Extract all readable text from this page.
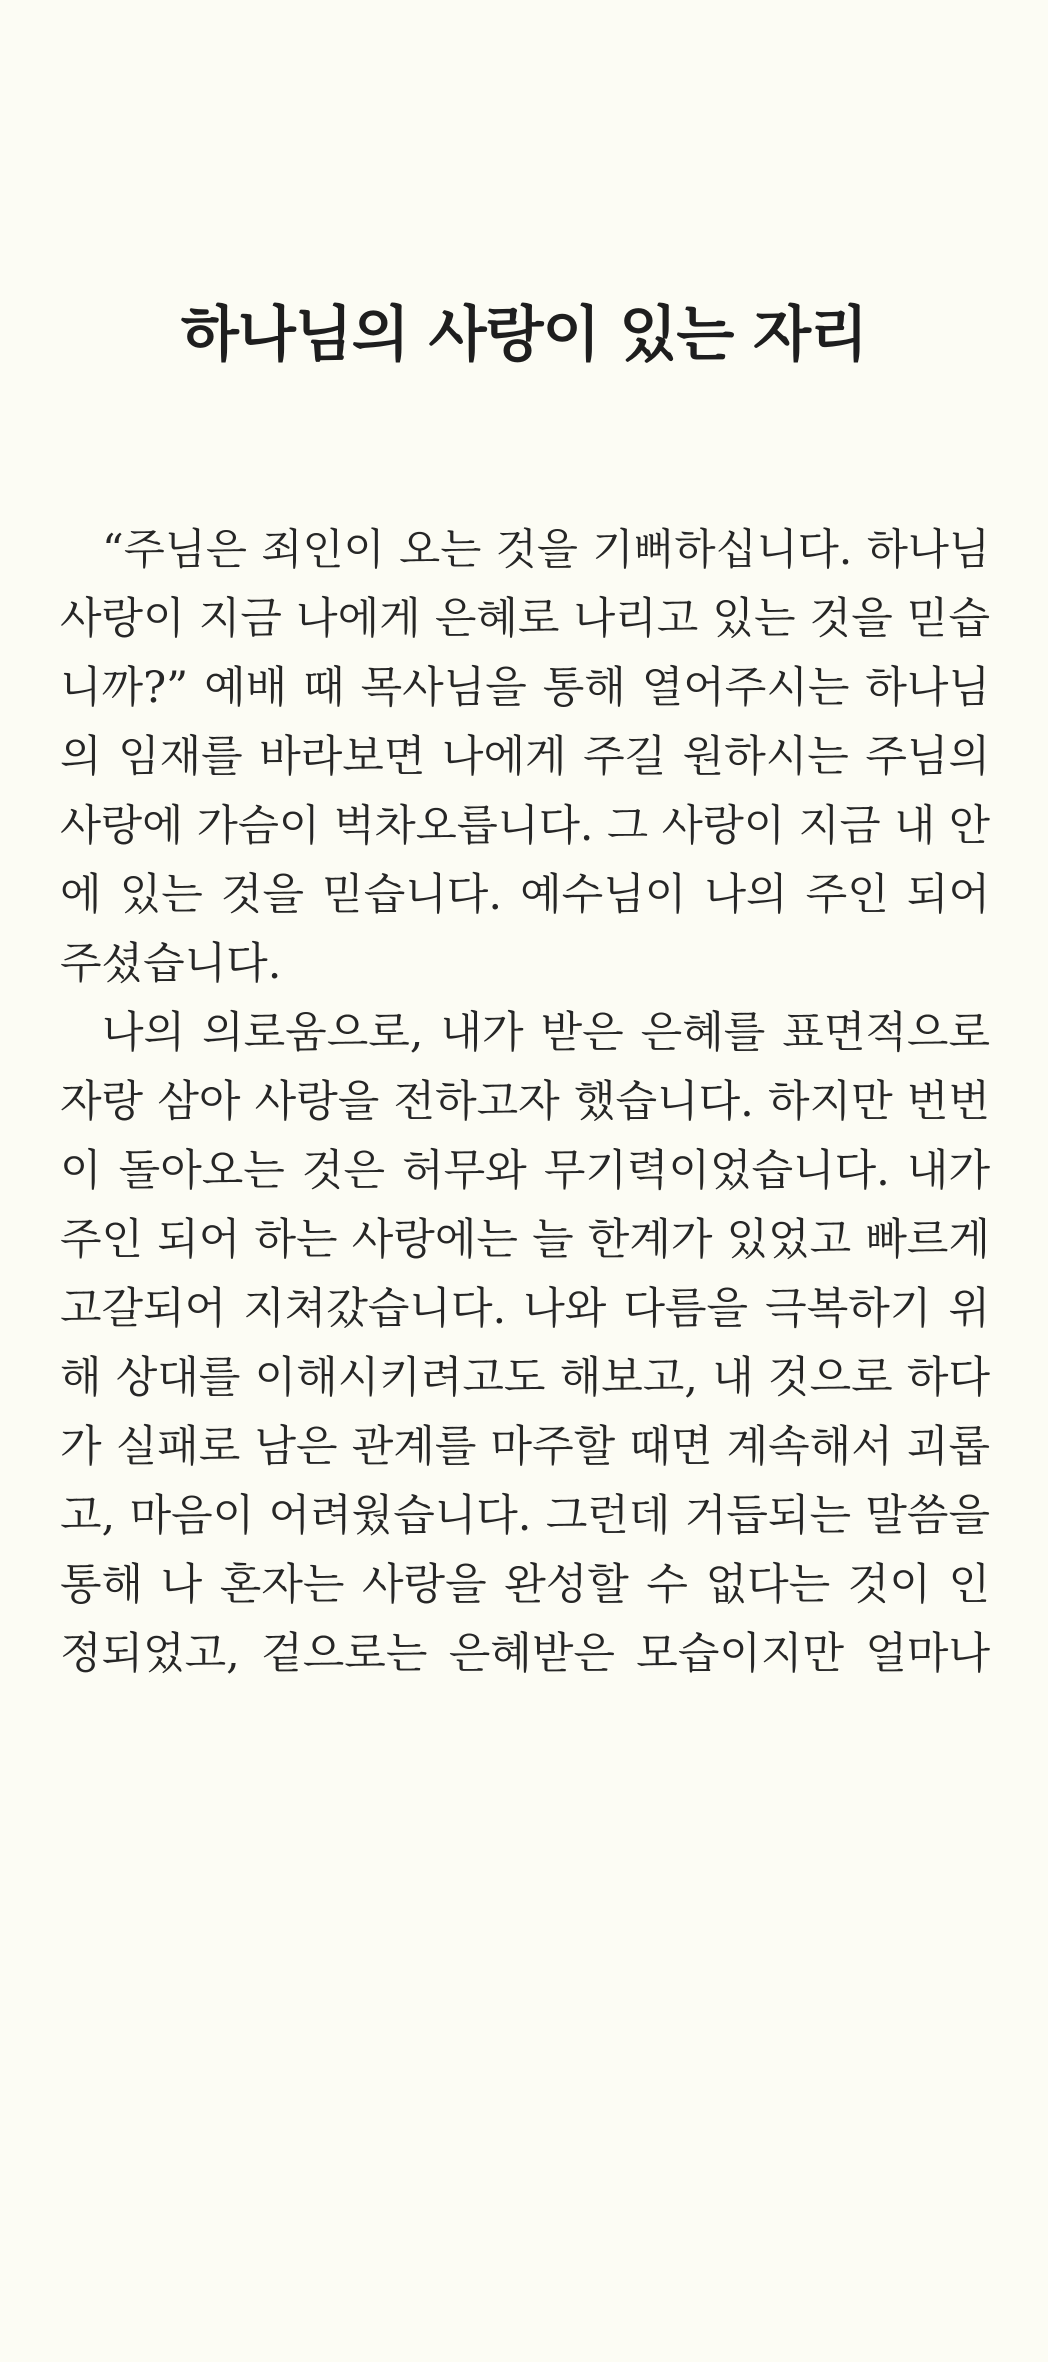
하나님의 사랑이 있는 자리
“주님은 죄인이 오는 것을 기뻐하십니다. 하나님
사랑이 지금 나에게 은혜로 나리고 있는 것을 믿습
니까?” 예배 때 목사님을 통해 열어주시는 하나님
의 임재를 바라보면 나에게 주길 원하시는 주님의
사랑에 가슴이 벅차오릅니다. 그 사랑이 지금 내 안
에 있는 것을 믿습니다. 예수님이 나의 주인 되어
주셨습니다.
나의 의로움으로, 내가 받은 은혜를 표면적으로
자랑 삼아 사랑을 전하고자 했습니다. 하지만 번번
이 돌아오는 것은 허무와 무기력이었습니다. 내가
주인 되어 하는 사랑에는 늘 한계가 있었고 빠르게
고갈되어 지쳐갔습니다. 나와 다름을 극복하기 위
해 상대를 이해시키려고도 해보고, 내 것으로 하다
가 실패로 남은 관계를 마주할 때면 계속해서 괴롭
고, 마음이 어려웠습니다. 그런데 거듭되는 말씀을
통해 나 혼자는 사랑을 완성할 수 없다는 것이 인
정되었고, 겉으로는 은혜받은 모습이지만 얼마나
